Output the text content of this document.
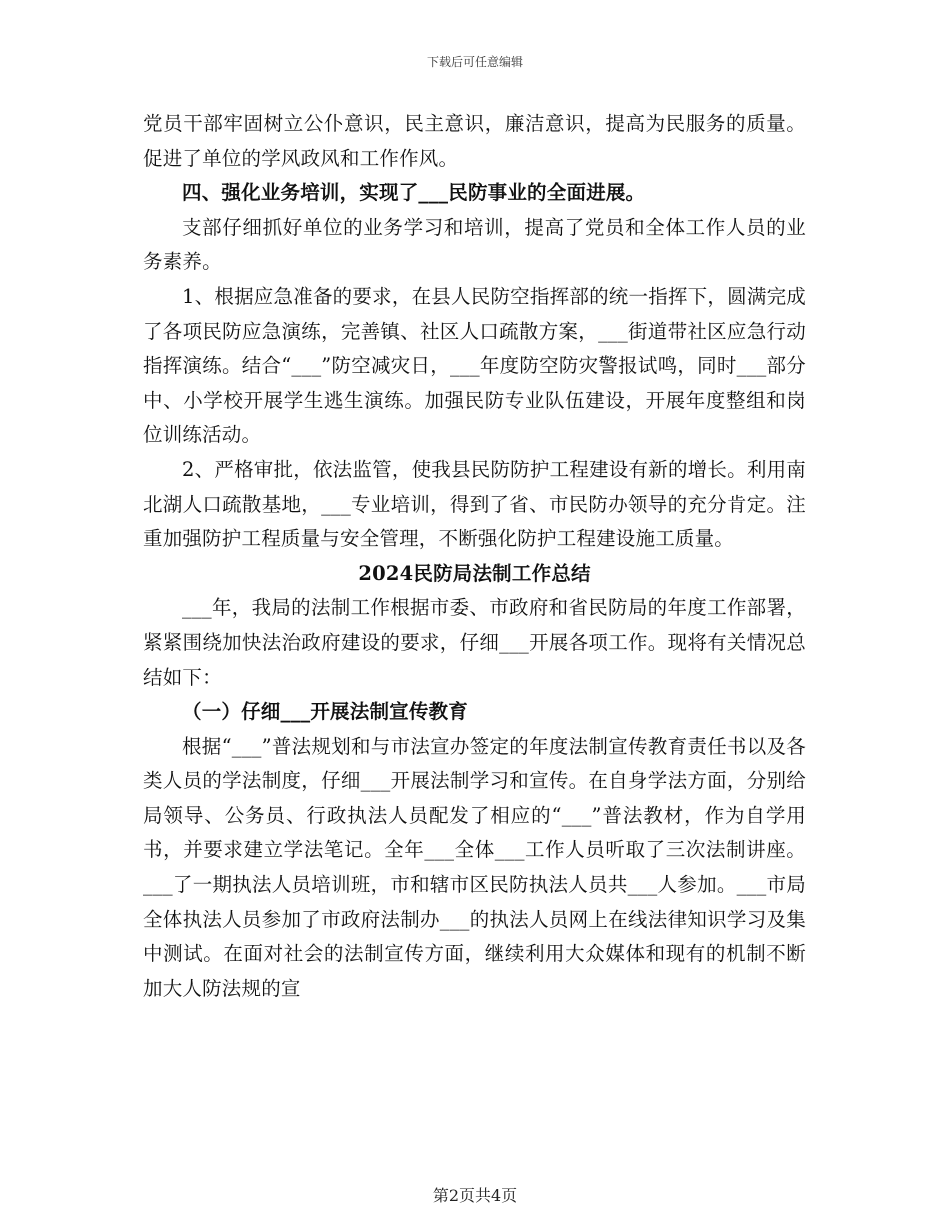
下载后可任意编辑

党员干部牢固树立公仆意识，民主意识，廉洁意识，提高为民服务的质量。促进了单位的学风政风和工作作风。

四、强化业务培训，实现了___民防事业的全面进展。

支部仔细抓好单位的业务学习和培训，提高了党员和全体工作人员的业务素养。

1、根据应急准备的要求，在县人民防空指挥部的统一指挥下，圆满完成了各项民防应急演练，完善镇、社区人口疏散方案，___街道带社区应急行动指挥演练。结合“___”防空减灾日，___年度防空防灾警报试鸣，同时___部分中、小学校开展学生逃生演练。加强民防专业队伍建设，开展年度整组和岗位训练活动。

2、严格审批，依法监管，使我县民防防护工程建设有新的增长。利用南北湖人口疏散基地，___专业培训，得到了省、市民防办领导的充分肯定。注重加强防护工程质量与安全管理，不断强化防护工程建设施工质量。

2024民防局法制工作总结

___年，我局的法制工作根据市委、市政府和省民防局的年度工作部署，紧紧围绕加快法治政府建设的要求，仔细___开展各项工作。现将有关情况总结如下：

（一）仔细___开展法制宣传教育

根据“___”普法规划和与市法宣办签定的年度法制宣传教育责任书以及各类人员的学法制度，仔细___开展法制学习和宣传。在自身学法方面，分别给局领导、公务员、行政执法人员配发了相应的“___”普法教材，作为自学用书，并要求建立学法笔记。全年___全体___工作人员听取了三次法制讲座。___了一期执法人员培训班，市和辖市区民防执法人员共___人参加。___市局全体执法人员参加了市政府法制办___的执法人员网上在线法律知识学习及集中测试。在面对社会的法制宣传方面，继续利用大众媒体和现有的机制不断加大人防法规的宣

第2页共4页
